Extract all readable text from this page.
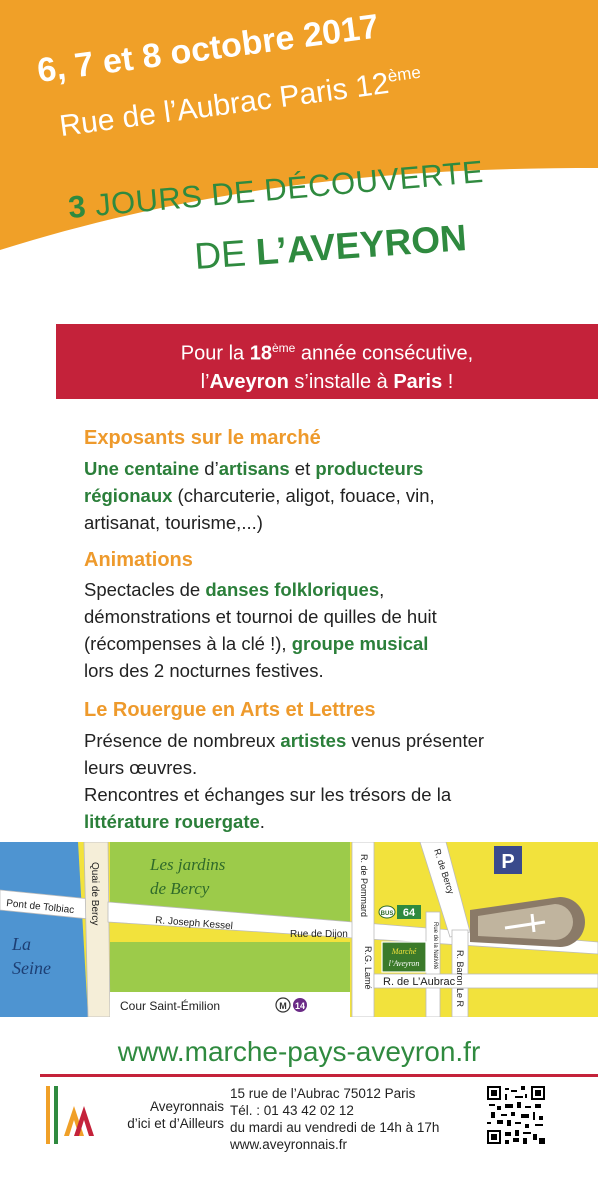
6, 7 et 8 octobre 2017
Rue de l’Aubrac Paris 12ème
3 JOURS DE DÉCOUVERTE
DE L’AVEYRON
Pour la 18ème année consécutive,
l’Aveyron s’installe à Paris !
Exposants sur le marché
Une centaine d’artisans et producteurs
régionaux (charcuterie, aligot, fouace, vin,
artisanat, tourisme,...)
Animations
Spectacles de danses folkloriques,
démonstrations et tournoi de quilles de huit
(récompenses à la clé !), groupe musical
lors des 2 nocturnes festives.
Le Rouergue en Arts et Lettres
Présence de nombreux artistes venus présenter
leurs œuvres.
Rencontres et échanges sur les trésors de la
littérature rouergate.
P
Les jardins
de Bercy
La
Seine
Pont de Tolbiac Quai de Bercy	R. Joseph Kessel
Rue de Dijon
R. de Pommard	R. de Bercy
R.G. Lamé	Rue de la Nativité
R. Baron Le R
R. de L’Aubrac
Cour Saint-Émilion	M 14
BUS 64
Marché
l’Aveyron
www.marche-pays-aveyron.fr
Aveyronnais
d’ici et d’Ailleurs
15 rue de l’Aubrac 75012 Paris
Tél. : 01 43 42 02 12
du mardi au vendredi de 14h à 17h
www.aveyronnais.fr
